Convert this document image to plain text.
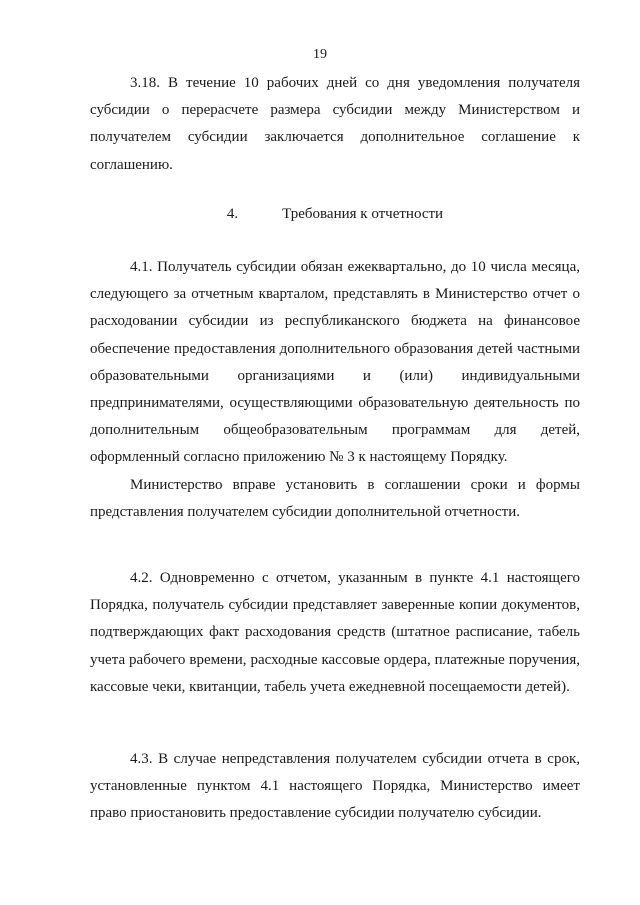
19

3.18. В течение 10 рабочих дней со дня уведомления получателя субсидии о перерасчете размера субсидии между Министерством и получателем субсидии заключается дополнительное соглашение к соглашению.

4.	Требования к отчетности

4.1. Получатель субсидии обязан ежеквартально, до 10 числа месяца, следующего за отчетным кварталом, представлять в Министерство отчет о расходовании субсидии из республиканского бюджета на финансовое обеспечение предоставления дополнительного образования детей частными образовательными организациями и (или) индивидуальными предпринимателями, осуществляющими образовательную деятельность по дополнительным общеобразовательным программам для детей, оформленный согласно приложению № 3 к настоящему Порядку.

Министерство вправе установить в соглашении сроки и формы представления получателем субсидии дополнительной отчетности.

4.2. Одновременно с отчетом, указанным в пункте 4.1 настоящего Порядка, получатель субсидии представляет заверенные копии документов, подтверждающих факт расходования средств (штатное расписание, табель учета рабочего времени, расходные кассовые ордера, платежные поручения, кассовые чеки, квитанции, табель учета ежедневной посещаемости детей).

4.3. В случае непредставления получателем субсидии отчета в срок, установленные пунктом 4.1 настоящего Порядка, Министерство имеет право приостановить предоставление субсидии получателю субсидии.
